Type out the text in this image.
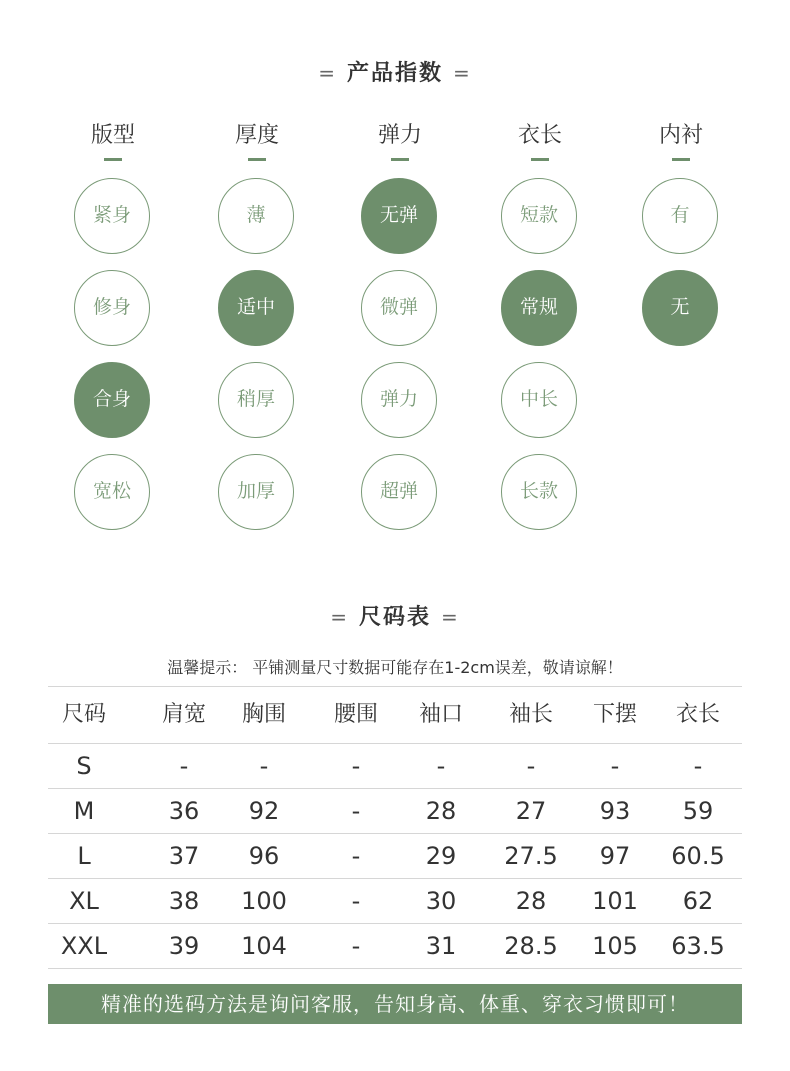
= 产品指数 =
版型
紧身
修身
合身
宽松
厚度
薄
适中
稍厚
加厚
弹力
无弹
微弹
弹力
超弹
衣长
短款
常规
中长
长款
内衬
有
无
= 尺码表 =
温馨提示： 平铺测量尺寸数据可能存在1-2cm误差，敬请谅解！
尺码	肩宽	胸围	腰围	袖口	袖长	下摆	衣长
S	-	-	-	-	-	-	-
M	36	92	-	28	27	93	59
L	37	96	-	29	27.5	97	60.5
XL	38	100	-	30	28	101	62
XXL	39	104	-	31	28.5	105	63.5
精准的选码方法是询问客服，告知身高、体重、穿衣习惯即可！
